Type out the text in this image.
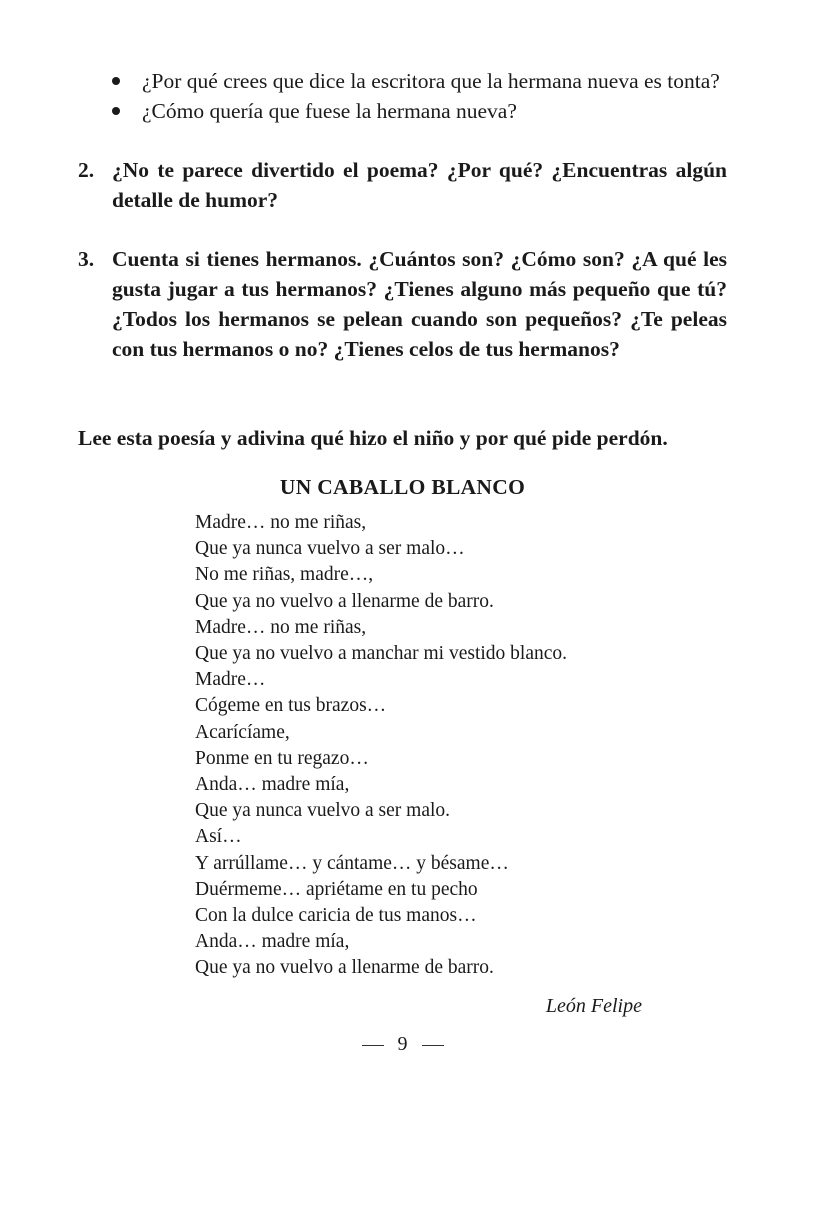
¿Por qué crees que dice la escritora que la hermana nueva es tonta?
¿Cómo quería que fuese la hermana nueva?
2. ¿No te parece divertido el poema? ¿Por qué? ¿Encuentras algún detalle de humor?
3. Cuenta si tienes hermanos. ¿Cuántos son? ¿Cómo son? ¿A qué les gusta jugar a tus hermanos? ¿Tienes alguno más pequeño que tú? ¿Todos los hermanos se pelean cuando son pequeños? ¿Te peleas con tus hermanos o no? ¿Tienes celos de tus hermanos?
Lee esta poesía y adivina qué hizo el niño y por qué pide perdón.
UN CABALLO BLANCO
Madre… no me riñas,
Que ya nunca vuelvo a ser malo…
No me riñas, madre…,
Que ya no vuelvo a llenarme de barro.
Madre… no me riñas,
Que ya no vuelvo a manchar mi vestido blanco.
Madre…
Cógeme en tus brazos…
Acarícíame,
Ponme en tu regazo…
Anda… madre mía,
Que ya nunca vuelvo a ser malo.
Así…
Y arrúllame… y cántame… y bésame…
Duérmeme… apriétame en tu pecho
Con la dulce caricia de tus manos…
Anda… madre mía,
Que ya no vuelvo a llenarme de barro.
León Felipe
9
